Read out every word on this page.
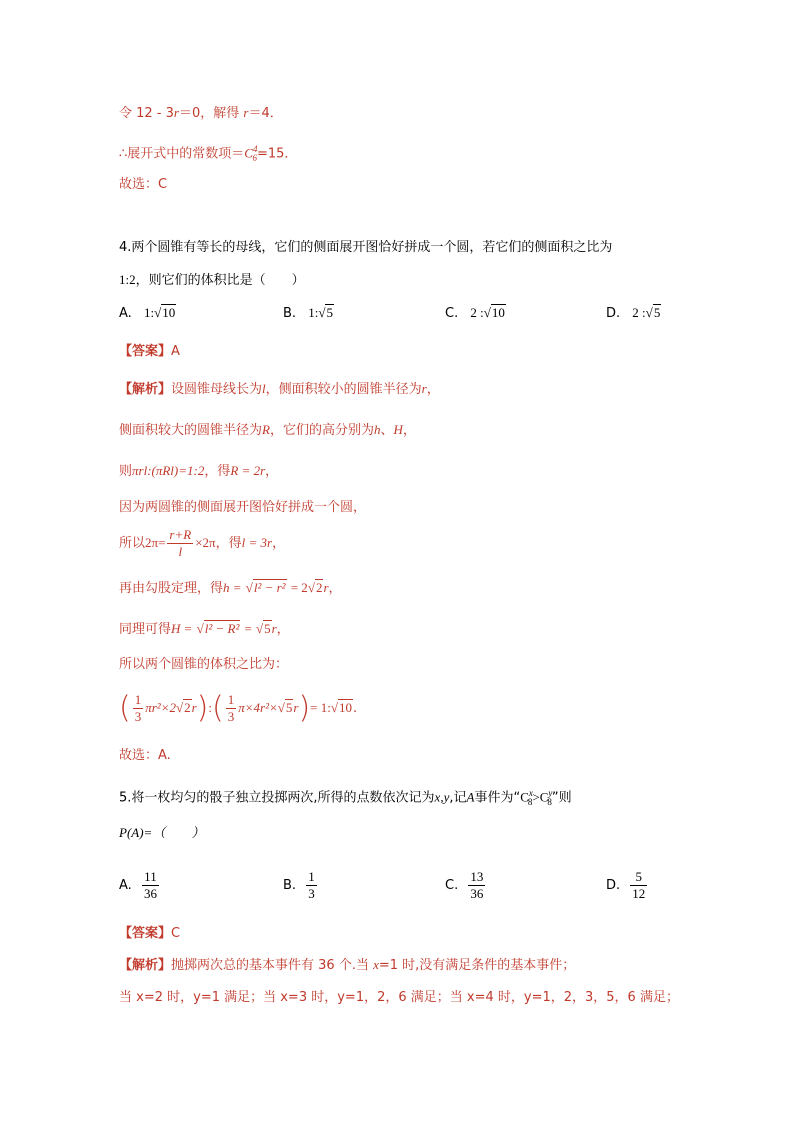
令 12 - 3r＝0，解得 r＝4．
∴展开式中的常数项$=C^4_6=15$．
故选：C
4.两个圆锥有等长的母线，它们的侧面展开图恰好拼成一个圆，若它们的侧面积之比为
1:2，则它们的体积比是（　　）
A. 1:√10	B. 1:√5	C. 2 :√10	D. 2 :√5
【答案】A
【解析】设圆锥母线长为l，侧面积较小的圆锥半径为r，
侧面积较大的圆锥半径为R，它们的高分别为h、H，
则πrl:(πRl)=1:2，得R = 2r，
因为两圆锥的侧面展开图恰好拼成一个圆，
所以$2\pi= \frac{r+R}{l} \times 2\pi$，得l = 3r，
再由勾股定理，得h = √l² − r² = 2√2r，
同理可得H = √l² − R² = √5r，
所以两个圆锥的体积之比为：
( $\frac{1}{3}$ πr²×2√2r):( $\frac{1}{3} \pi\times 4r^2\times√5r)=$ 1:√10.
故选：A.
5.将一枚均匀的骰子独立投掷两次,所得的点数依次记为x,y,记A事件为“$C^x_8>C^y_8$”则
P(A)=（　　）
A. $\frac{11}{36}$	B. $\frac{1}{3}$	C. $\frac{13}{36}$	D. $\frac{5}{12}$
【答案】C
【解析】抛掷两次总的基本事件有 36 个.当 x=1 时,没有满足条件的基本事件；
当 x=2 时，y=1 满足；当 x=3 时，y=1，2，6 满足；当 x=4 时，y=1，2，3，5，6 满足；
